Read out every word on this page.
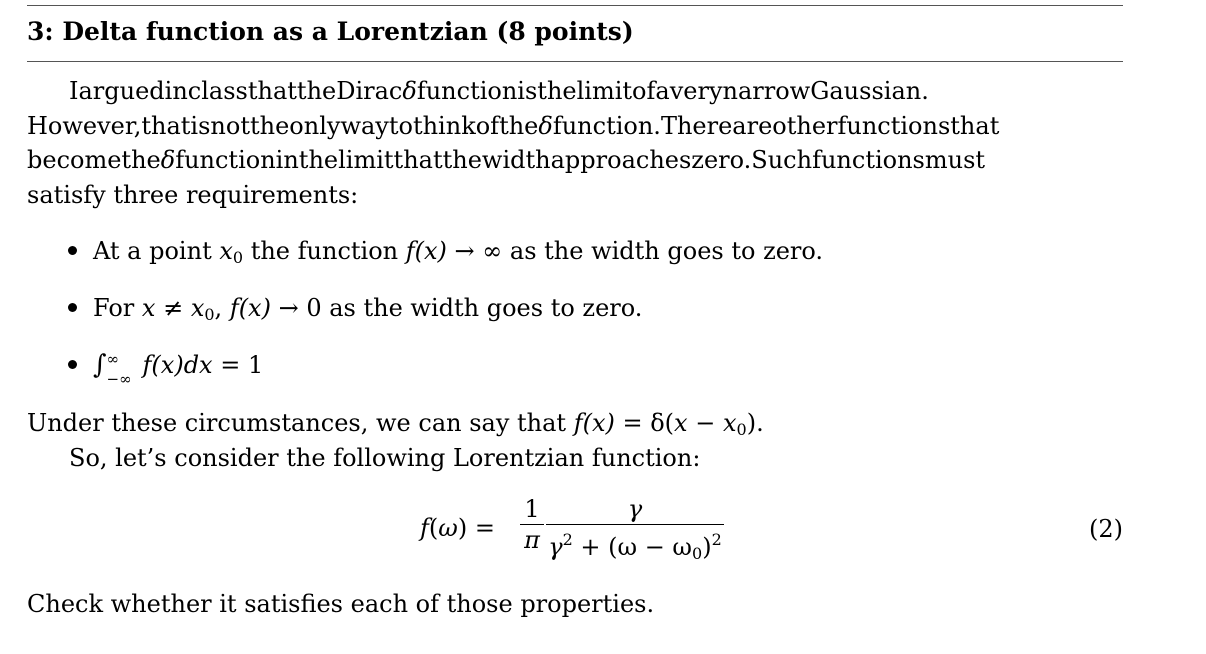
3: Delta function as a Lorentzian (8 points)
IarguedinclassthattheDiracδfunctionisthelimitofaverynarrowGaussian.
However,thatisnottheonlywaytothinkoftheδfunction.Thereareotherfunctionsthat
becometheδfunctioninthelimitthatthewidthapproacheszero.Suchfunctionsmust
satisfy three requirements:
At a point $x_0$ the function f(x) → ∞ as the width goes to zero.
For $x \ne x_0$, f(x) → 0 as the width goes to zero.
∫ ∞
−∞ f(x)dx = 1
Under these circumstances, we can say that $f(x) = \delta(x - x_0)$.
So, let’s consider the following Lorentzian function:
f(ω) =
1
π
γ
$\gamma^2 + (\omega - \omega_0)^2$	(2)
Check whether it satisfies each of those properties.
